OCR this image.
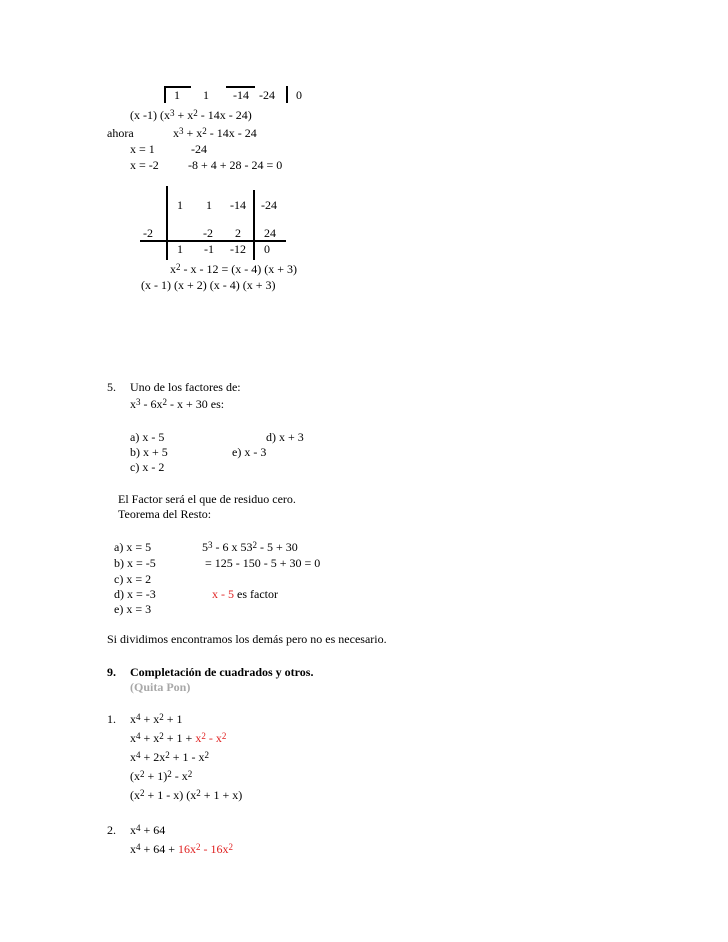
1 1 -14 -24 0
(x -1) $(x^3 + x^2 - 14x - 24)$
ahora	$x^3 + x^2 - 14x - 24$
x = 1	-24
x = -2 -8 + 4 + 28 - 24 = 0
1 1 -14 -24
-2	-2 2 24
1 -1 -12 0
$x^2 - x - 12 = (x - 4) (x + 3)$
(x - 1) (x + 2) (x - 4) (x + 3)
5. Uno de los factores de:
$x^3 - 6x^2 - x + 30$ es:
a) x - 5	d) x + 3
b) x + 5	e) x - 3
c) x - 2
El Factor será el que de residuo cero.
Teorema del Resto:
a) x = 5
b) x = -5
c) x = 2
d) x = -3
e) x = 3
$5^3 - 6$ x $53^2 - 5 + 30$
= 125 - 150 - 5 + 30 = 0
x - 5 es factor
Si dividimos encontramos los demás pero no es necesario.
9. Completación de cuadrados y otros.
(Quita Pon)
1. $x^4 + x^2 + 1$
$x^4 + x^2 + 1 + x^2 - x^2$
$x^4 + 2x^2 + 1 - x^2$
$(x^2 + 1)^2 - x^2$
$(x^2 + 1 - x) (x^2 + 1 + x)$
2. $x^4 + 64$
$x^4 + 64 + 16x^2 - 16x^2$
